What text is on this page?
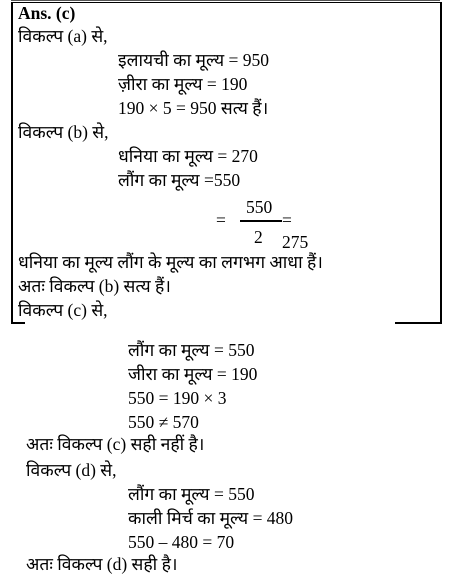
Ans. (c)
विकल्प (a) से,
इलायची का मूल्य = 950
ज़ीरा का मूल्य = 190
190 × 5 = 950 सत्य हैं।
विकल्प (b) से,
धनिया का मूल्य = 270
लौंग का मूल्य =550
=
550
2
= 275
धनिया का मूल्य लौंग के मूल्य का लगभग आधा हैं।
अतः विकल्प (b) सत्य हैं।
विकल्प (c) से,
लौंग का मूल्य = 550
जीरा का मूल्य = 190
550 = 190 × 3
550 ≠ 570
अतः विकल्प (c) सही नहीं है।
विकल्प (d) से,
लौंग का मूल्य = 550
काली मिर्च का मूल्य = 480
550 – 480 = 70
अतः विकल्प (d) सही है।
